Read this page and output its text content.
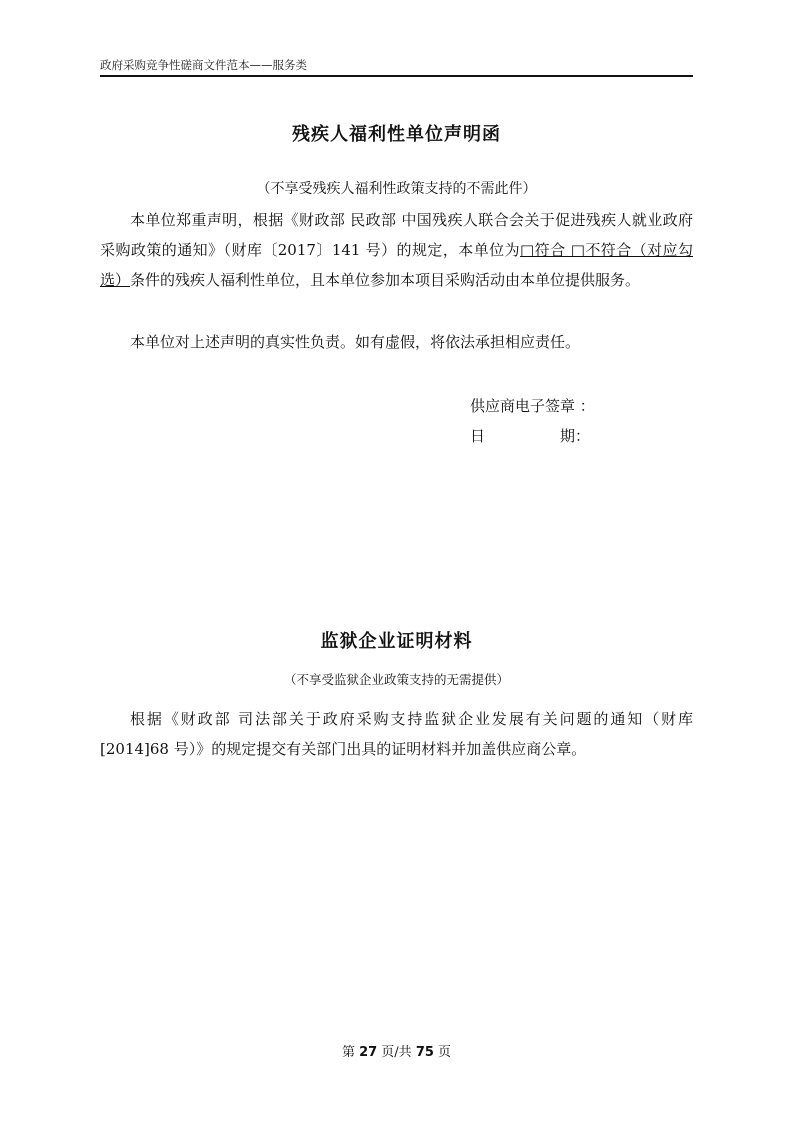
政府采购竞争性磋商文件范本——服务类
残疾人福利性单位声明函
（不享受残疾人福利性政策支持的不需此件）
本单位郑重声明，根据《财政部 民政部 中国残疾人联合会关于促进残疾人就业政府采购政策的通知》（财库〔2017〕141 号）的规定，本单位为□符合 □不符合（对应勾选）条件的残疾人福利性单位，且本单位参加本项目采购活动由本单位提供服务。
本单位对上述声明的真实性负责。如有虚假，将依法承担相应责任。
供应商电子签章 ：
日　　　　　期：
监狱企业证明材料
（不享受监狱企业政策支持的无需提供）
根据《财政部 司法部关于政府采购支持监狱企业发展有关问题的通知（财库[2014]68 号）》的规定提交有关部门出具的证明材料并加盖供应商公章。
第 27 页/共 75 页
